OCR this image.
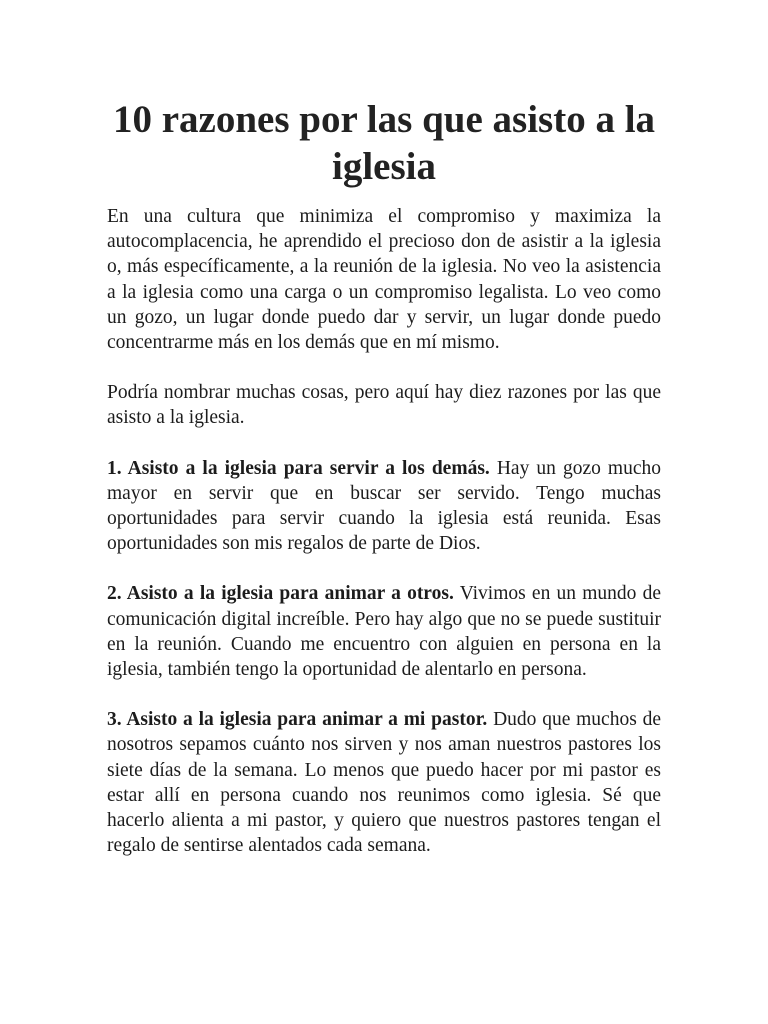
10 razones por las que asisto a la iglesia

En una cultura que minimiza el compromiso y maximiza la autocomplacencia, he aprendido el precioso don de asistir a la iglesia o, más específicamente, a la reunión de la iglesia. No veo la asistencia a la iglesia como una carga o un compromiso legalista. Lo veo como un gozo, un lugar donde puedo dar y servir, un lugar donde puedo concentrarme más en los demás que en mí mismo.

Podría nombrar muchas cosas, pero aquí hay diez razones por las que asisto a la iglesia.

1. Asisto a la iglesia para servir a los demás. Hay un gozo mucho mayor en servir que en buscar ser servido. Tengo muchas oportunidades para servir cuando la iglesia está reunida. Esas oportunidades son mis regalos de parte de Dios.

2. Asisto a la iglesia para animar a otros. Vivimos en un mundo de comunicación digital increíble. Pero hay algo que no se puede sustituir en la reunión. Cuando me encuentro con alguien en persona en la iglesia, también tengo la oportunidad de alentarlo en persona.

3. Asisto a la iglesia para animar a mi pastor. Dudo que muchos de nosotros sepamos cuánto nos sirven y nos aman nuestros pastores los siete días de la semana. Lo menos que puedo hacer por mi pastor es estar allí en persona cuando nos reunimos como iglesia. Sé que hacerlo alienta a mi pastor, y quiero que nuestros pastores tengan el regalo de sentirse alentados cada semana.
